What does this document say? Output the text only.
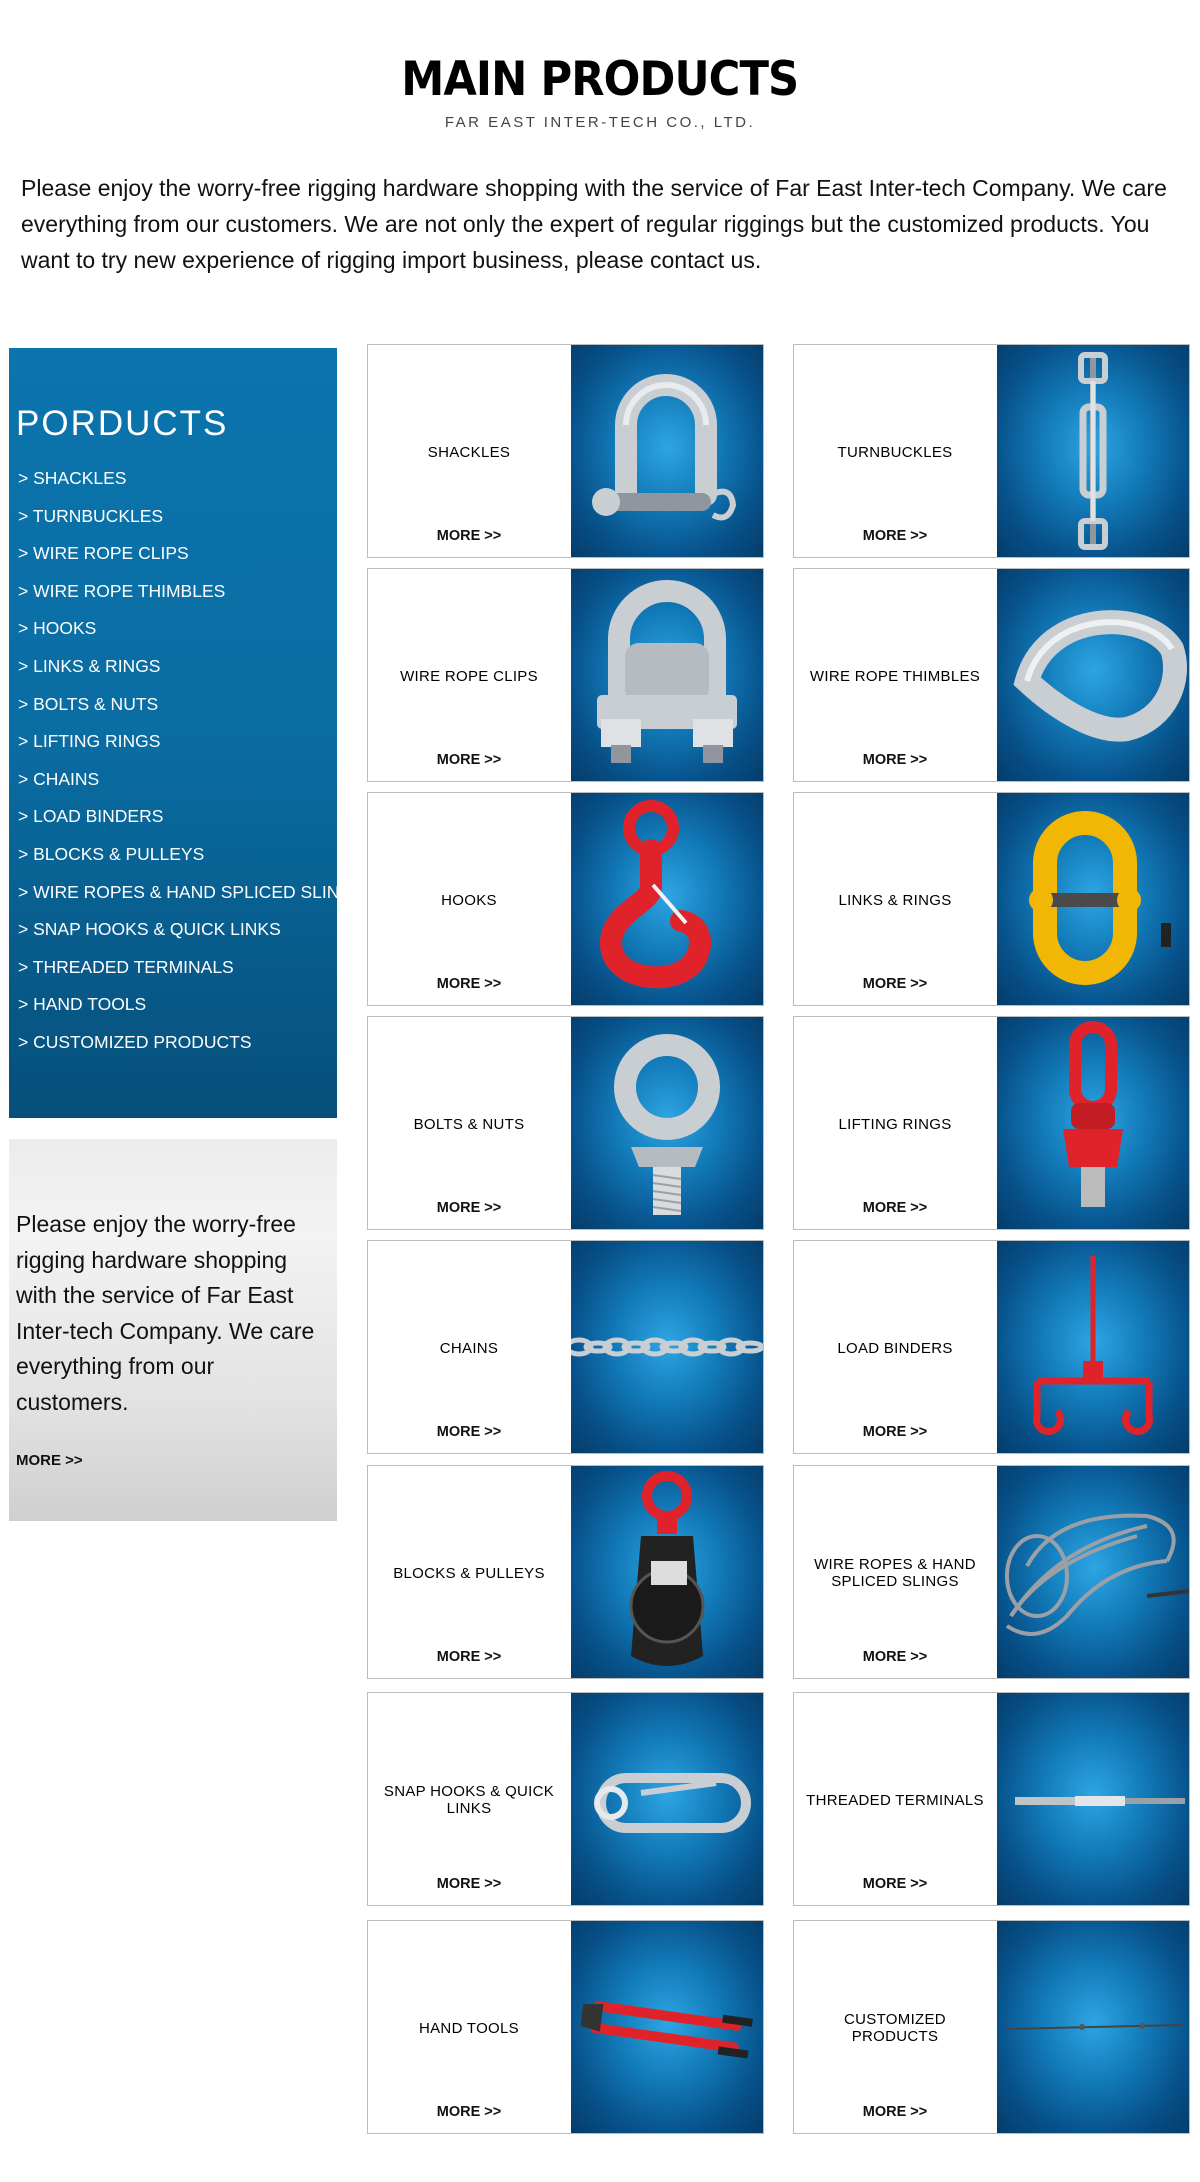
MAIN PRODUCTS
FAR EAST INTER-TECH CO., LTD.

Please enjoy the worry-free rigging hardware shopping with the service of Far East Inter-tech Company. We care everything from our customers. We are not only the expert of regular riggings but the customized products. You want to try new experience of rigging import business, please contact us.

PORDUCTS
> SHACKLES
> TURNBUCKLES
> WIRE ROPE CLIPS
> WIRE ROPE THIMBLES
> HOOKS
> LINKS & RINGS
> BOLTS & NUTS
> LIFTING RINGS
> CHAINS
> LOAD BINDERS
> BLOCKS & PULLEYS
> WIRE ROPES & HAND SPLICED SLINGS
> SNAP HOOKS & QUICK LINKS
> THREADED TERMINALS
> HAND TOOLS
> CUSTOMIZED PRODUCTS

Please enjoy the worry-free rigging hardware shopping with the service of Far East Inter-tech Company. We care everything from our customers.

MORE >>
SHACKLES
MORE >>
TURNBUCKLES
MORE >>
WIRE ROPE CLIPS
MORE >>
WIRE ROPE THIMBLES
MORE >>
HOOKS
MORE >>
LINKS & RINGS
MORE >>
BOLTS & NUTS
MORE >>
LIFTING RINGS
MORE >>
CHAINS
MORE >>
LOAD BINDERS
MORE >>
BLOCKS & PULLEYS
MORE >>
WIRE ROPES & HAND SPLICED SLINGS
MORE >>
SNAP HOOKS & QUICK LINKS
MORE >>
THREADED TERMINALS
MORE >>
HAND TOOLS
MORE >>
CUSTOMIZED PRODUCTS
MORE >>
